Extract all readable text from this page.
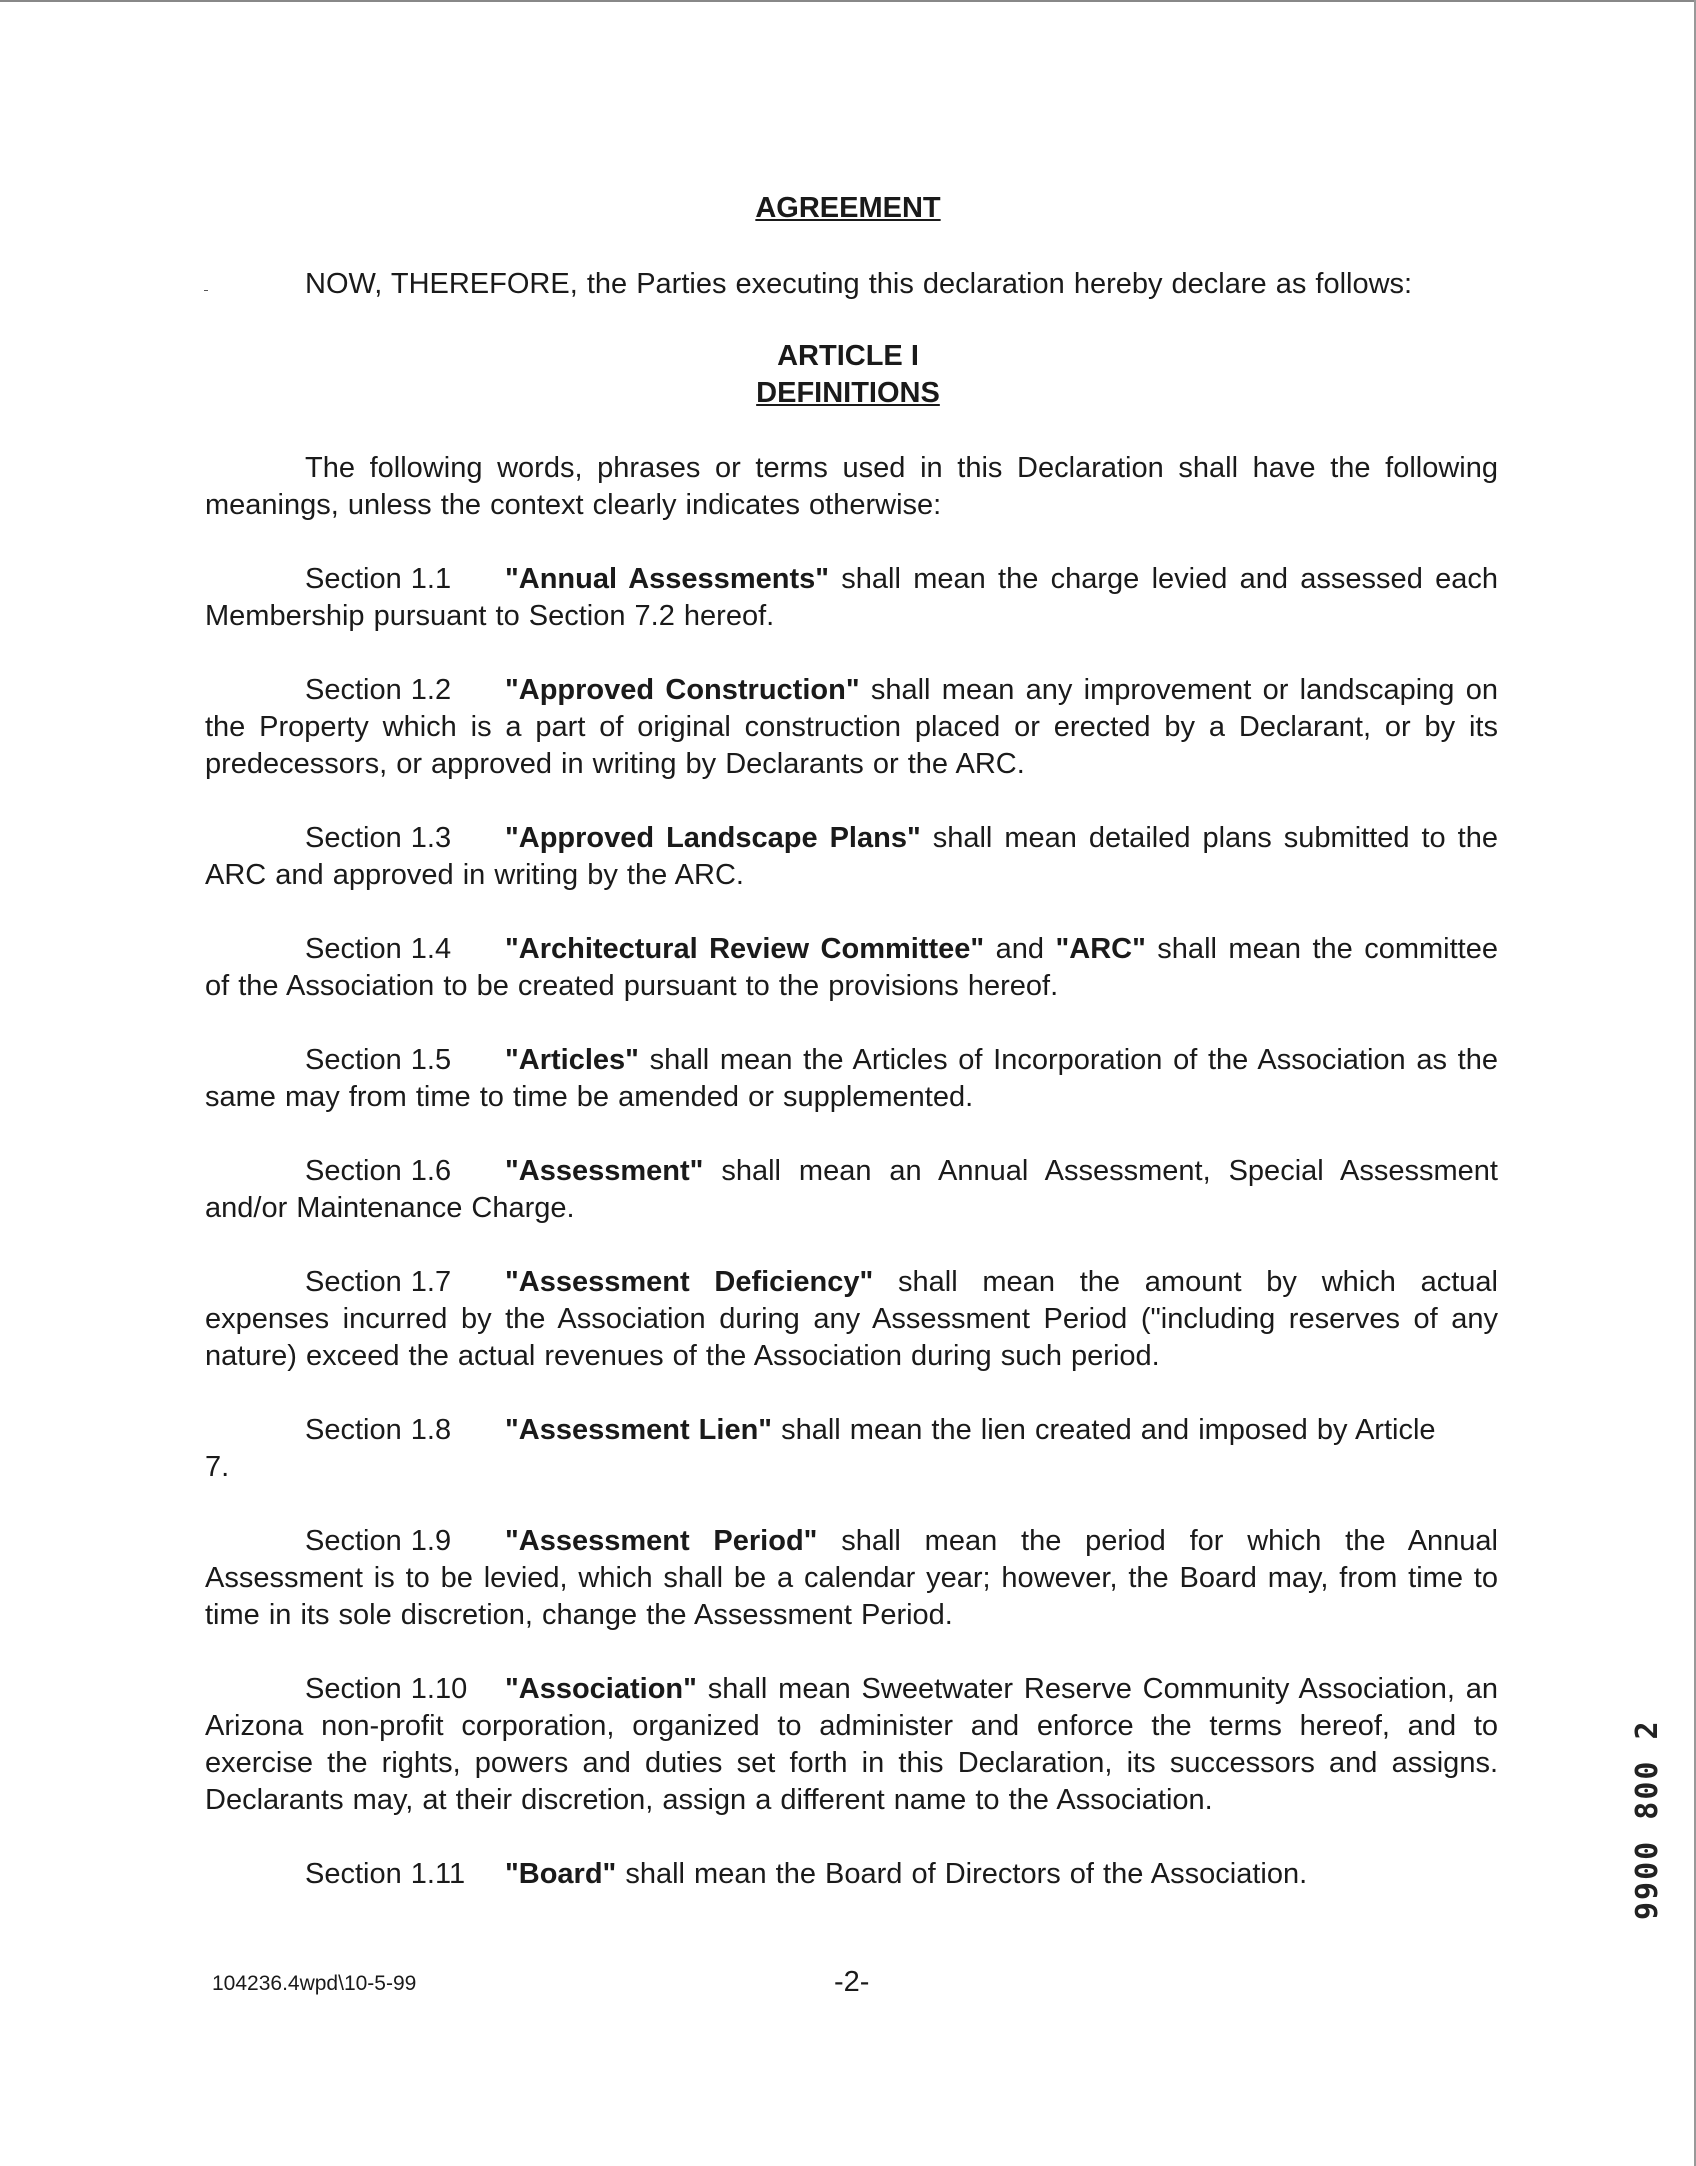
AGREEMENT
NOW, THEREFORE, the Parties executing this declaration hereby declare as follows:
ARTICLE I
DEFINITIONS
The following words, phrases or terms used in this Declaration shall have the following meanings, unless the context clearly indicates otherwise:
Section 1.1 "Annual Assessments" shall mean the charge levied and assessed each Membership pursuant to Section 7.2 hereof.
Section 1.2 "Approved Construction" shall mean any improvement or landscaping on the Property which is a part of original construction placed or erected by a Declarant, or by its predecessors, or approved in writing by Declarants or the ARC.
Section 1.3 "Approved Landscape Plans" shall mean detailed plans submitted to the ARC and approved in writing by the ARC.
Section 1.4 "Architectural Review Committee" and "ARC" shall mean the committee of the Association to be created pursuant to the provisions hereof.
Section 1.5 "Articles" shall mean the Articles of Incorporation of the Association as the same may from time to time be amended or supplemented.
Section 1.6 "Assessment" shall mean an Annual Assessment, Special Assessment and/or Maintenance Charge.
Section 1.7 "Assessment Deficiency" shall mean the amount by which actual expenses incurred by the Association during any Assessment Period ("including reserves of any nature) exceed the actual revenues of the Association during such period.
Section 1.8 "Assessment Lien" shall mean the lien created and imposed by Article
7.
Section 1.9 "Assessment Period" shall mean the period for which the Annual Assessment is to be levied, which shall be a calendar year; however, the Board may, from time to time in its sole discretion, change the Assessment Period.
Section 1.10 "Association" shall mean Sweetwater Reserve Community Association, an Arizona non-profit corporation, organized to administer and enforce the terms hereof, and to exercise the rights, powers and duties set forth in this Declaration, its successors and assigns. Declarants may, at their discretion, assign a different name to the Association.
Section 1.11 "Board" shall mean the Board of Directors of the Association.
104236.4wpd\10-5-99	-2-
9900 800 2
